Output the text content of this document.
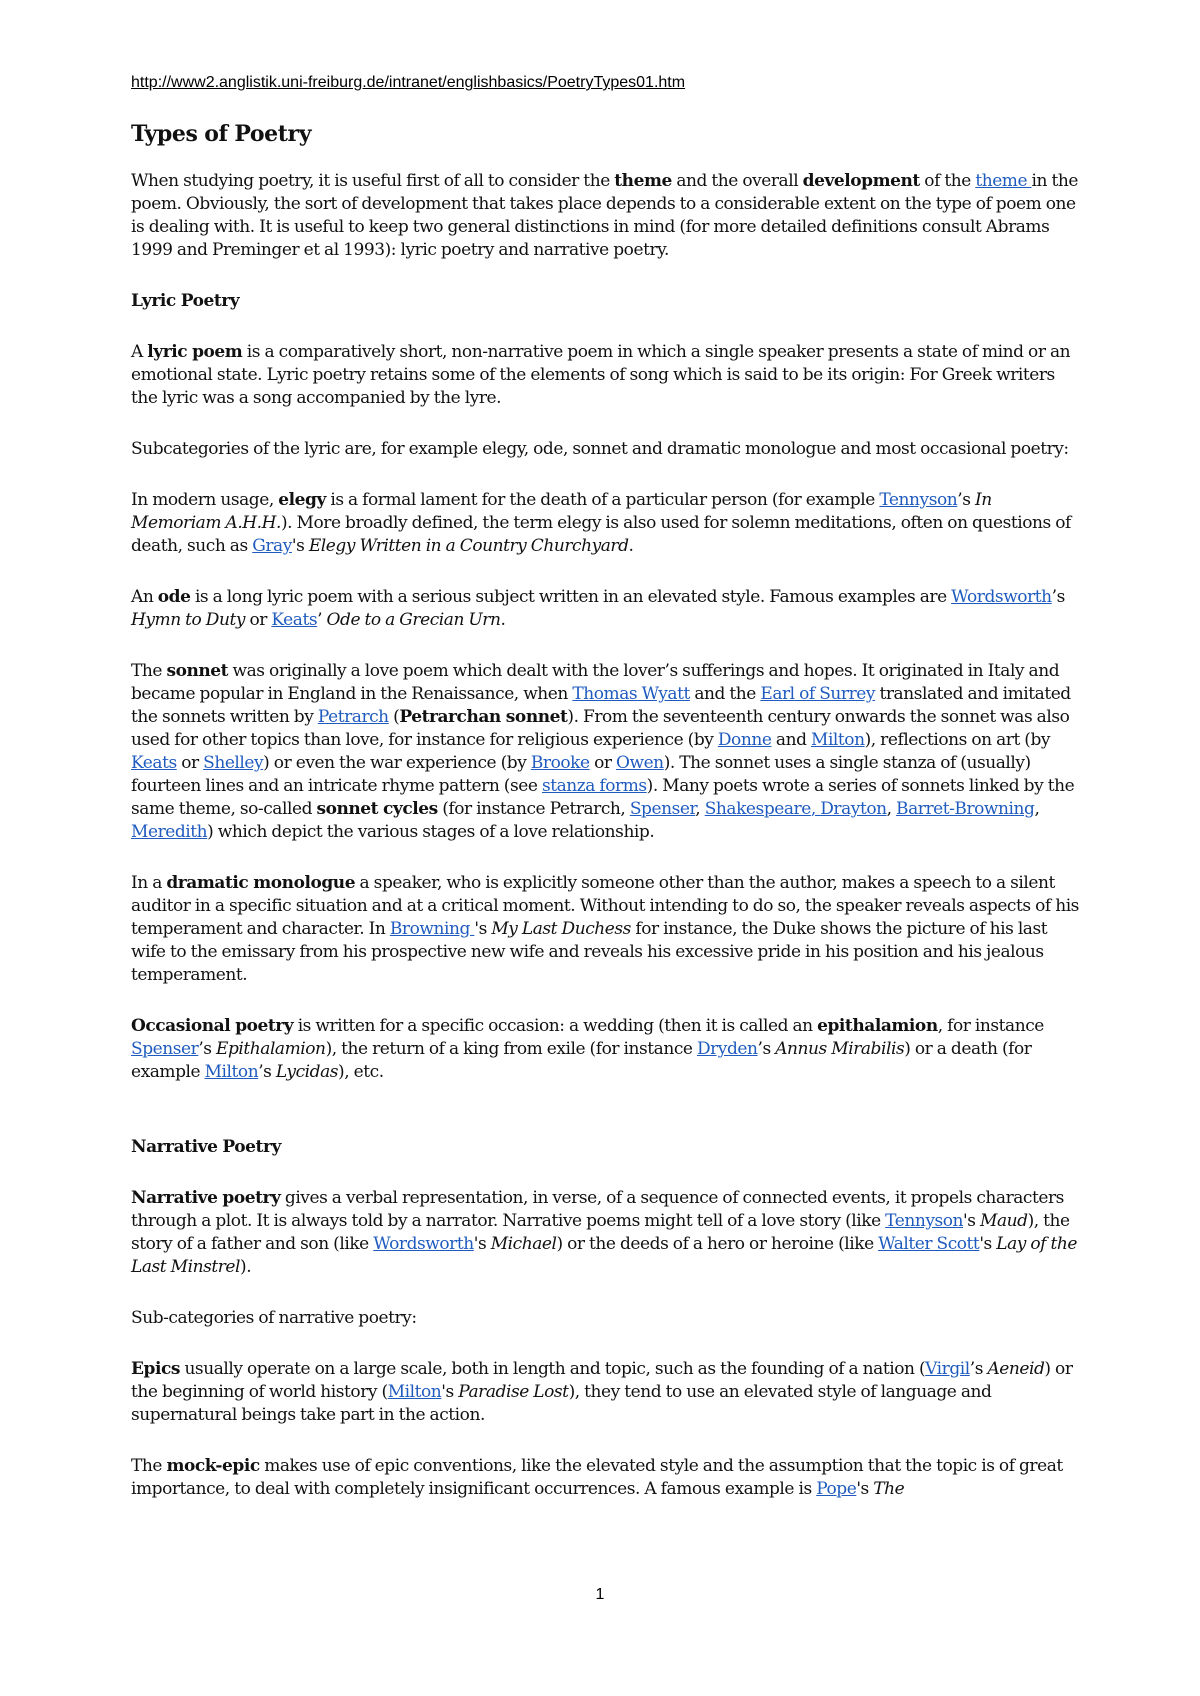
http://www2.anglistik.uni-freiburg.de/intranet/englishbasics/PoetryTypes01.htm
Types of Poetry

When studying poetry, it is useful first of all to consider the theme and the overall development of the theme in the poem. Obviously, the sort of development that takes place depends to a considerable extent on the type of poem one is dealing with. It is useful to keep two general distinctions in mind (for more detailed definitions consult Abrams 1999 and Preminger et al 1993): lyric poetry and narrative poetry.

Lyric Poetry

A lyric poem is a comparatively short, non-narrative poem in which a single speaker presents a state of mind or an emotional state. Lyric poetry retains some of the elements of song which is said to be its origin: For Greek writers the lyric was a song accompanied by the lyre.

Subcategories of the lyric are, for example elegy, ode, sonnet and dramatic monologue and most occasional poetry:

In modern usage, elegy is a formal lament for the death of a particular person (for example Tennyson’s In Memoriam A.H.H.). More broadly defined, the term elegy is also used for solemn meditations, often on questions of death, such as Gray's Elegy Written in a Country Churchyard.

An ode is a long lyric poem with a serious subject written in an elevated style. Famous examples are Wordsworth’s Hymn to Duty or Keats’ Ode to a Grecian Urn.

The sonnet was originally a love poem which dealt with the lover’s sufferings and hopes. It originated in Italy and became popular in England in the Renaissance, when Thomas Wyatt and the Earl of Surrey translated and imitated the sonnets written by Petrarch (Petrarchan sonnet). From the seventeenth century onwards the sonnet was also used for other topics than love, for instance for religious experience (by Donne and Milton), reflections on art (by Keats or Shelley) or even the war experience (by Brooke or Owen). The sonnet uses a single stanza of (usually) fourteen lines and an intricate rhyme pattern (see stanza forms). Many poets wrote a series of sonnets linked by the same theme, so-called sonnet cycles (for instance Petrarch, Spenser, Shakespeare, Drayton, Barret-Browning, Meredith) which depict the various stages of a love relationship.

In a dramatic monologue a speaker, who is explicitly someone other than the author, makes a speech to a silent auditor in a specific situation and at a critical moment. Without intending to do so, the speaker reveals aspects of his temperament and character. In Browning 's My Last Duchess for instance, the Duke shows the picture of his last wife to the emissary from his prospective new wife and reveals his excessive pride in his position and his jealous temperament.

Occasional poetry is written for a specific occasion: a wedding (then it is called an epithalamion, for instance Spenser’s Epithalamion), the return of a king from exile (for instance Dryden’s Annus Mirabilis) or a death (for example Milton’s Lycidas), etc.

Narrative Poetry

Narrative poetry gives a verbal representation, in verse, of a sequence of connected events, it propels characters through a plot. It is always told by a narrator. Narrative poems might tell of a love story (like Tennyson's Maud), the story of a father and son (like Wordsworth's Michael) or the deeds of a hero or heroine (like Walter Scott's Lay of the Last Minstrel).

Sub-categories of narrative poetry:

Epics usually operate on a large scale, both in length and topic, such as the founding of a nation (Virgil’s Aeneid) or the beginning of world history (Milton's Paradise Lost), they tend to use an elevated style of language and supernatural beings take part in the action.

The mock-epic makes use of epic conventions, like the elevated style and the assumption that the topic is of great importance, to deal with completely insignificant occurrences. A famous example is Pope's The

1
